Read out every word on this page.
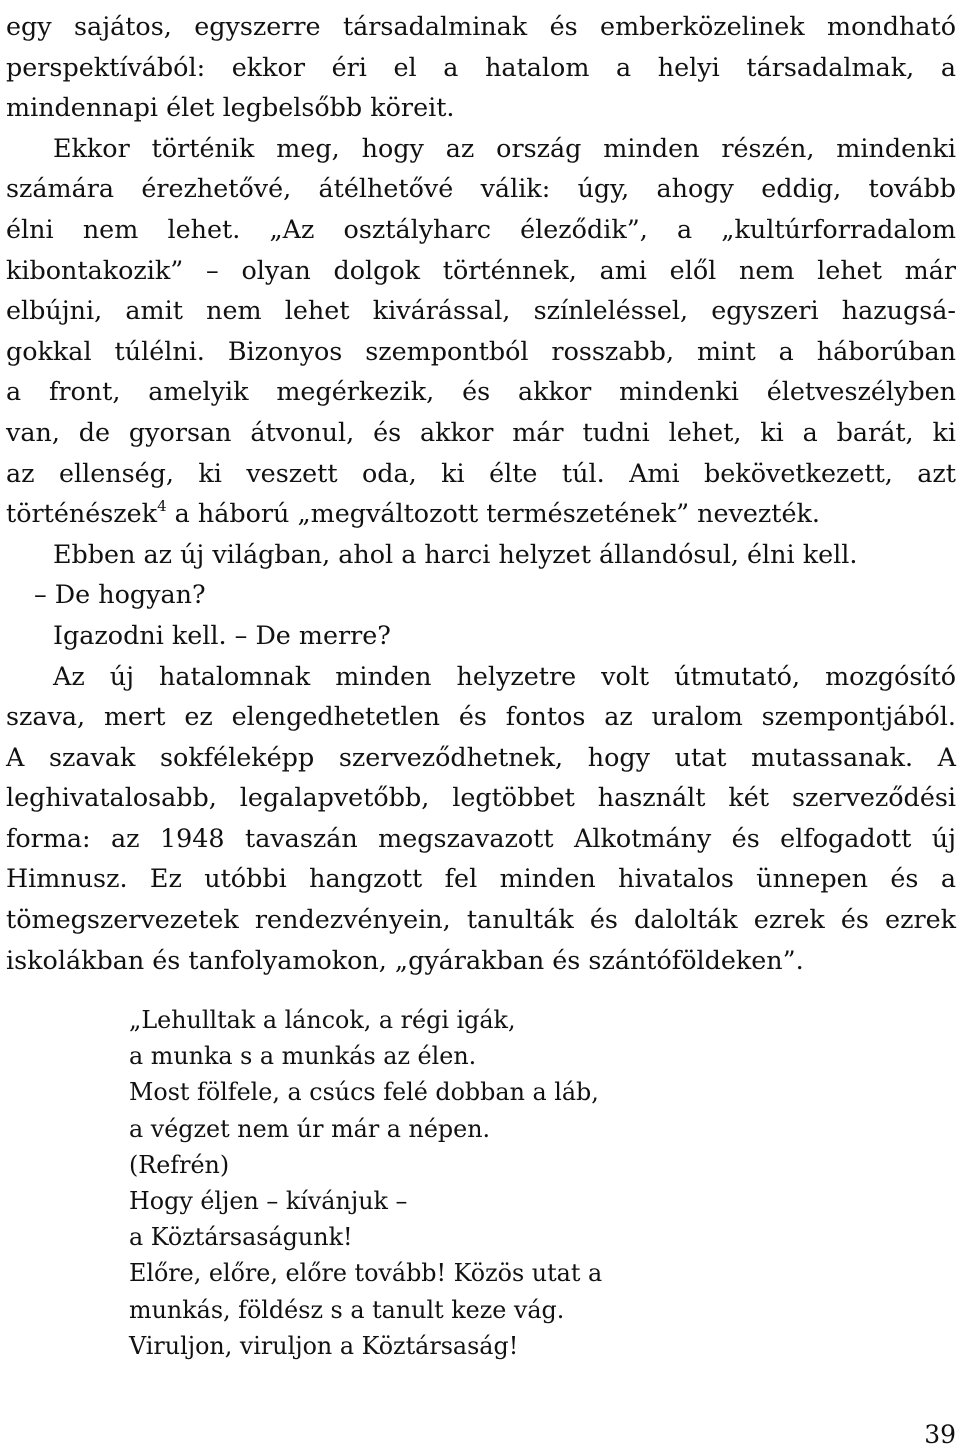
egy sajátos, egyszerre társadalminak és emberközelinek mondható
perspektívából: ekkor éri el a hatalom a helyi társadalmak, a
mindennapi élet legbelsőbb köreit.
Ekkor történik meg, hogy az ország minden részén, mindenki
számára érezhetővé, átélhetővé válik: úgy, ahogy eddig, tovább
élni nem lehet. „Az osztályharc éleződik”, a „kultúrforradalom
kibontakozik” – olyan dolgok történnek, ami elől nem lehet már
elbújni, amit nem lehet kivárással, színleléssel, egyszeri hazugsá-
gokkal túlélni. Bizonyos szempontból rosszabb, mint a háborúban
a front, amelyik megérkezik, és akkor mindenki életveszélyben
van, de gyorsan átvonul, és akkor már tudni lehet, ki a barát, ki
az ellenség, ki veszett oda, ki élte túl. Ami bekövetkezett, azt
történészek$^4$ a háború „megváltozott természetének” nevezték.
Ebben az új világban, ahol a harci helyzet állandósul, élni kell.
– De hogyan?
Igazodni kell. – De merre?
Az új hatalomnak minden helyzetre volt útmutató, mozgósító
szava, mert ez elengedhetetlen és fontos az uralom szempontjából.
A szavak sokféleképp szerveződhetnek, hogy utat mutassanak. A
leghivatalosabb, legalapvetőbb, legtöbbet használt két szerveződési
forma: az 1948 tavaszán megszavazott Alkotmány és elfogadott új
Himnusz. Ez utóbbi hangzott fel minden hivatalos ünnepen és a
tömegszervezetek rendezvényein, tanulták és dalolták ezrek és ezrek
iskolákban és tanfolyamokon, „gyárakban és szántóföldeken”.
„Lehulltak a láncok, a régi igák,
a munka s a munkás az élen.
Most fölfele, a csúcs felé dobban a láb,
a végzet nem úr már a népen.
(Refrén)
Hogy éljen – kívánjuk –
a Köztársaságunk!
Előre, előre, előre tovább! Közös utat a
munkás, földész s a tanult keze vág.
Viruljon, viruljon a Köztársaság!
39
